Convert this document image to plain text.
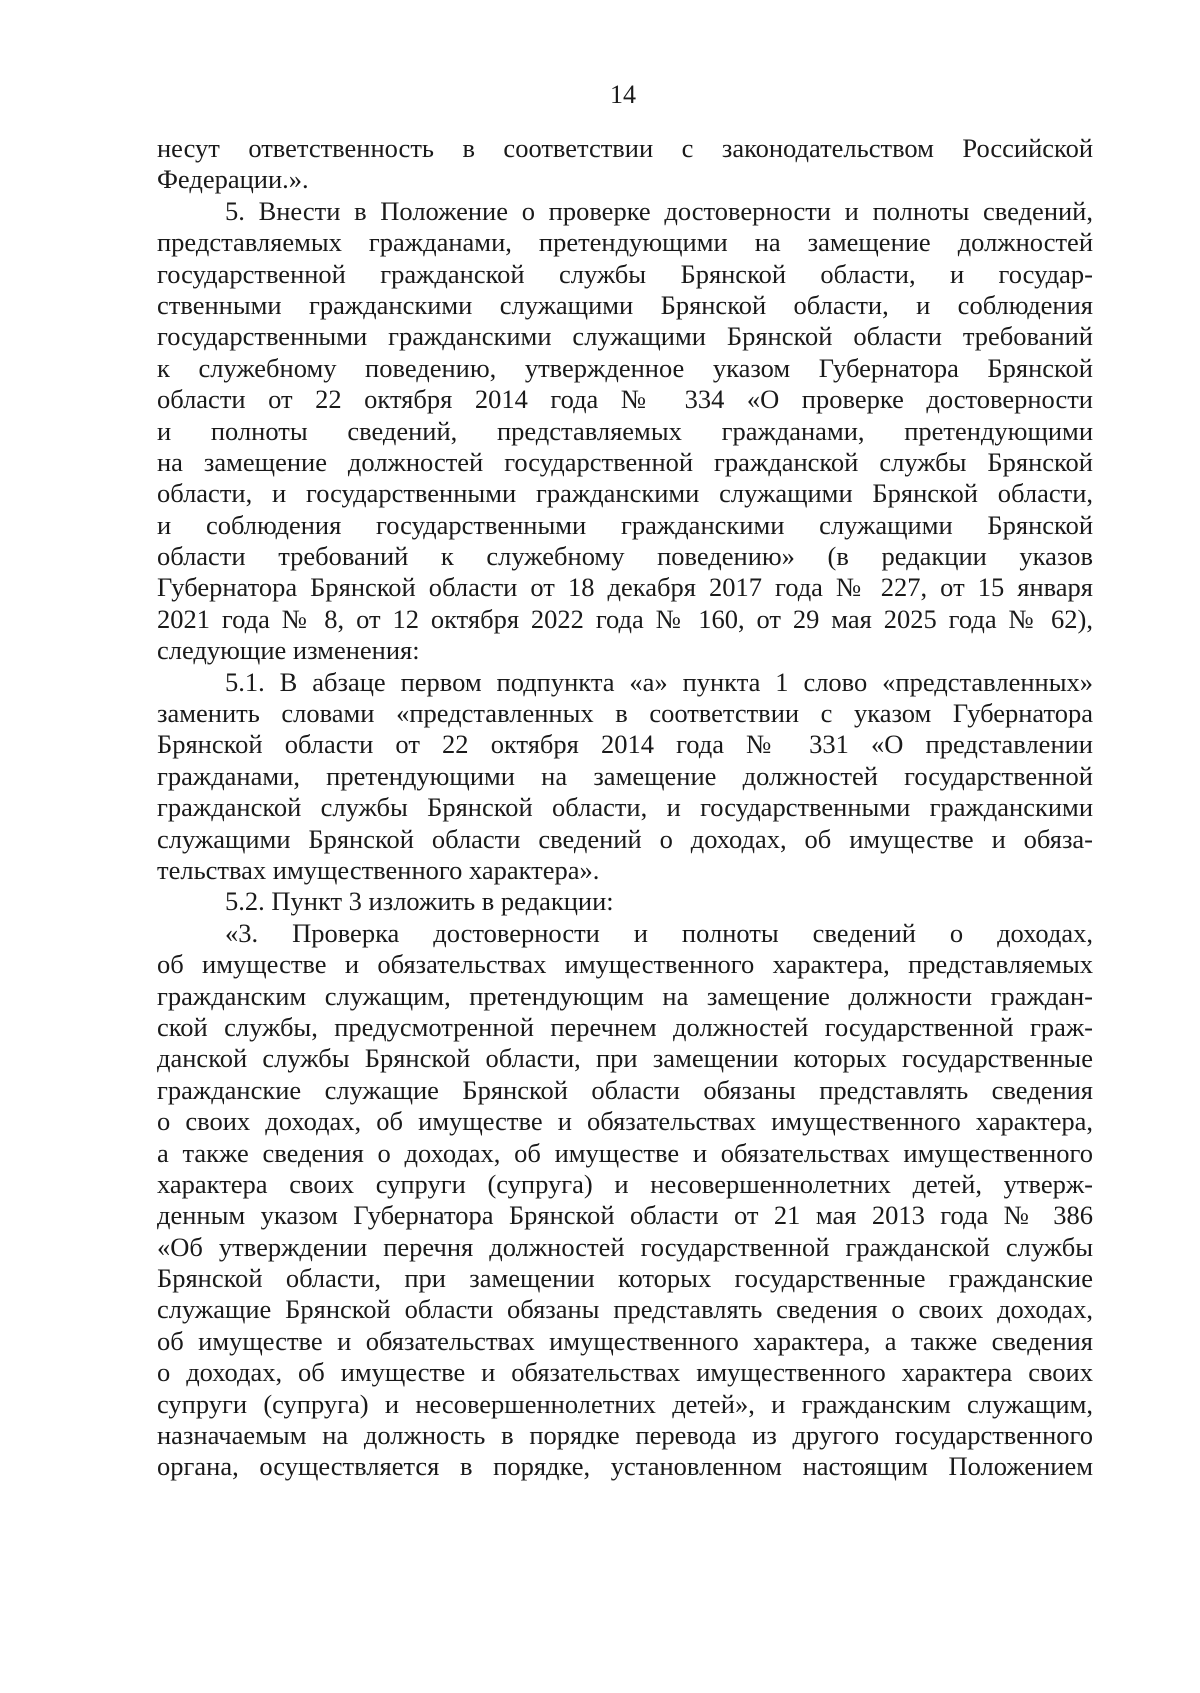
14
несут ответственность в соответствии с законодательством Российской
Федерации.».
5. Внести в Положение о проверке достоверности и полноты сведений,
представляемых гражданами, претендующими на замещение должностей
государственной гражданской службы Брянской области, и государ-
ственными гражданскими служащими Брянской области, и соблюдения
государственными гражданскими служащими Брянской области требований
к служебному поведению, утвержденное указом Губернатора Брянской
области от 22 октября 2014 года № 334 «О проверке достоверности
и полноты сведений, представляемых гражданами, претендующими
на замещение должностей государственной гражданской службы Брянской
области, и государственными гражданскими служащими Брянской области,
и соблюдения государственными гражданскими служащими Брянской
области требований к служебному поведению» (в редакции указов
Губернатора Брянской области от 18 декабря 2017 года № 227, от 15 января
2021 года № 8, от 12 октября 2022 года № 160, от 29 мая 2025 года № 62),
следующие изменения:
5.1. В абзаце первом подпункта «а» пункта 1 слово «представленных»
заменить словами «представленных в соответствии с указом Губернатора
Брянской области от 22 октября 2014 года № 331 «О представлении
гражданами, претендующими на замещение должностей государственной
гражданской службы Брянской области, и государственными гражданскими
служащими Брянской области сведений о доходах, об имуществе и обяза-
тельствах имущественного характера».
5.2. Пункт 3 изложить в редакции:
«3. Проверка достоверности и полноты сведений о доходах,
об имуществе и обязательствах имущественного характера, представляемых
гражданским служащим, претендующим на замещение должности граждан-
ской службы, предусмотренной перечнем должностей государственной граж-
данской службы Брянской области, при замещении которых государственные
гражданские служащие Брянской области обязаны представлять сведения
о своих доходах, об имуществе и обязательствах имущественного характера,
а также сведения о доходах, об имуществе и обязательствах имущественного
характера своих супруги (супруга) и несовершеннолетних детей, утверж-
денным указом Губернатора Брянской области от 21 мая 2013 года № 386
«Об утверждении перечня должностей государственной гражданской службы
Брянской области, при замещении которых государственные гражданские
служащие Брянской области обязаны представлять сведения о своих доходах,
об имуществе и обязательствах имущественного характера, а также сведения
о доходах, об имуществе и обязательствах имущественного характера своих
супруги (супруга) и несовершеннолетних детей», и гражданским служащим,
назначаемым на должность в порядке перевода из другого государственного
органа, осуществляется в порядке, установленном настоящим Положением
